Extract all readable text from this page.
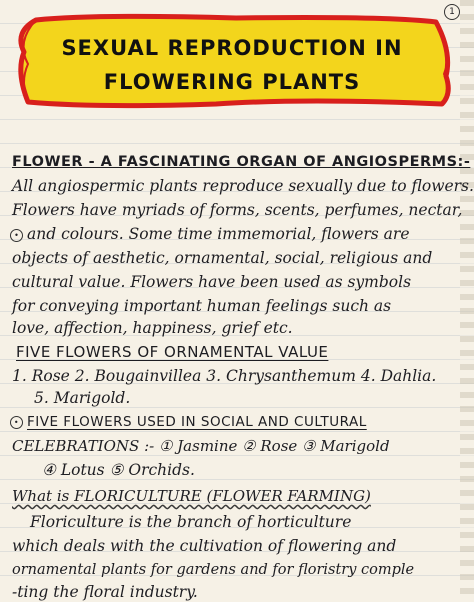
1
SEXUAL REPRODUCTION IN
FLOWERING PLANTS
FLOWER - A FASCINATING ORGAN OF ANGIOSPERMS:-
All angiospermic plants reproduce sexually due to flowers.
Flowers have myriads of forms, scents, perfumes, nectar,
• and colours. Some time immemorial, flowers are
objects of aesthetic, ornamental, social, religious and
cultural value. Flowers have been used as symbols
for conveying important human feelings such as
love, affection, happiness, grief etc.
FIVE FLOWERS OF ORNAMENTAL VALUE
1. Rose 2. Bougainvillea 3. Chrysanthemum 4. Dahlia.
5. Marigold.
• FIVE FLOWERS USED IN SOCIAL AND CULTURAL
CELEBRATIONS :- ① Jasmine ② Rose ③ Marigold
④ Lotus ⑤ Orchids.
What is FLORICULTURE (FLOWER FARMING)
Floriculture is the branch of horticulture
which deals with the cultivation of flowering and
ornamental plants for gardens and for floristry comple
-ting the floral industry.
